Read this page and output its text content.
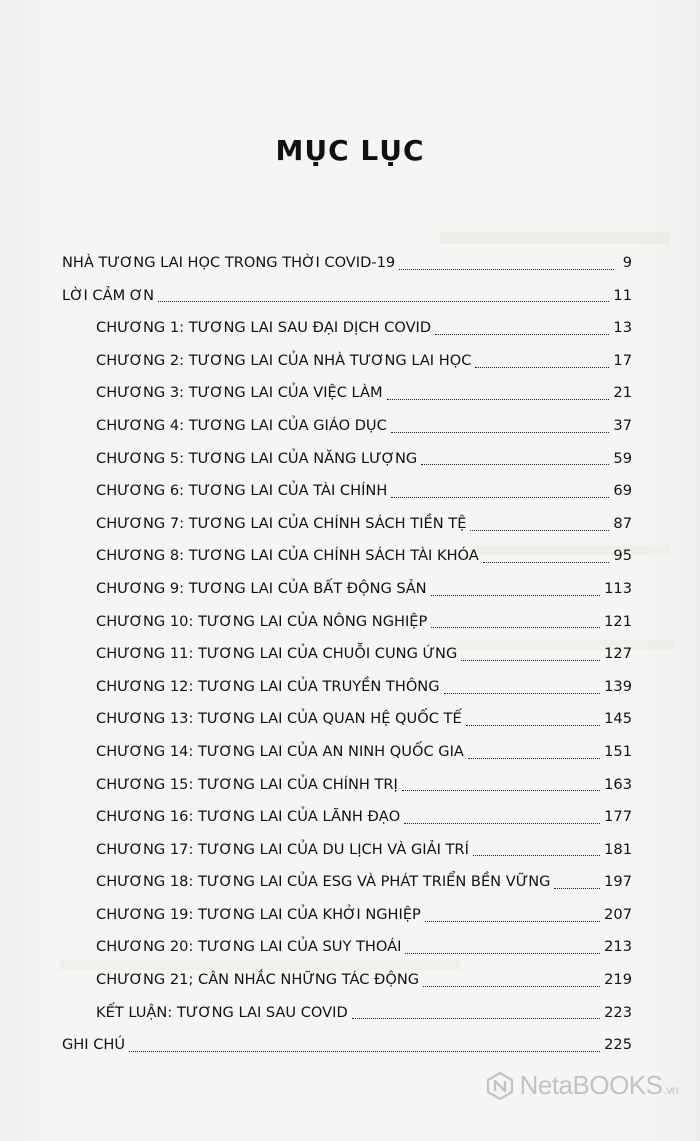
MỤC LỤC
NHÀ TƯƠNG LAI HỌC TRONG THỜI COVID-19	9
LỜI CẢM ƠN	11
CHƯƠNG 1: TƯƠNG LAI SAU ĐẠI DỊCH COVID	13
CHƯƠNG 2: TƯƠNG LAI CỦA NHÀ TƯƠNG LAI HỌC	17
CHƯƠNG 3: TƯƠNG LAI CỦA VIỆC LÀM	21
CHƯƠNG 4: TƯƠNG LAI CỦA GIÁO DỤC	37
CHƯƠNG 5: TƯƠNG LAI CỦA NĂNG LƯỢNG	59
CHƯƠNG 6: TƯƠNG LAI CỦA TÀI CHÍNH	69
CHƯƠNG 7: TƯƠNG LAI CỦA CHÍNH SÁCH TIỀN TỆ	87
CHƯƠNG 8: TƯƠNG LAI CỦA CHÍNH SÁCH TÀI KHÓA	95
CHƯƠNG 9: TƯƠNG LAI CỦA BẤT ĐỘNG SẢN	113
CHƯƠNG 10: TƯƠNG LAI CỦA NÔNG NGHIỆP	121
CHƯƠNG 11: TƯƠNG LAI CỦA CHUỖI CUNG ỨNG	127
CHƯƠNG 12: TƯƠNG LAI CỦA TRUYỀN THÔNG	139
CHƯƠNG 13: TƯƠNG LAI CỦA QUAN HỆ QUỐC TẾ	145
CHƯƠNG 14: TƯƠNG LAI CỦA AN NINH QUỐC GIA	151
CHƯƠNG 15: TƯƠNG LAI CỦA CHÍNH TRỊ	163
CHƯƠNG 16: TƯƠNG LAI CỦA LÃNH ĐẠO	177
CHƯƠNG 17: TƯƠNG LAI CỦA DU LỊCH VÀ GIẢI TRÍ	181
CHƯƠNG 18: TƯƠNG LAI CỦA ESG VÀ PHÁT TRIỂN BỀN VỮNG	197
CHƯƠNG 19: TƯƠNG LAI CỦA KHỞI NGHIỆP	207
CHƯƠNG 20: TƯƠNG LAI CỦA SUY THOÁI	213
CHƯƠNG 21; CÂN NHẮC NHỮNG TÁC ĐỘNG	219
KẾT LUẬN: TƯƠNG LAI SAU COVID	223
GHI CHÚ	225
NetaBOOKS.vn
